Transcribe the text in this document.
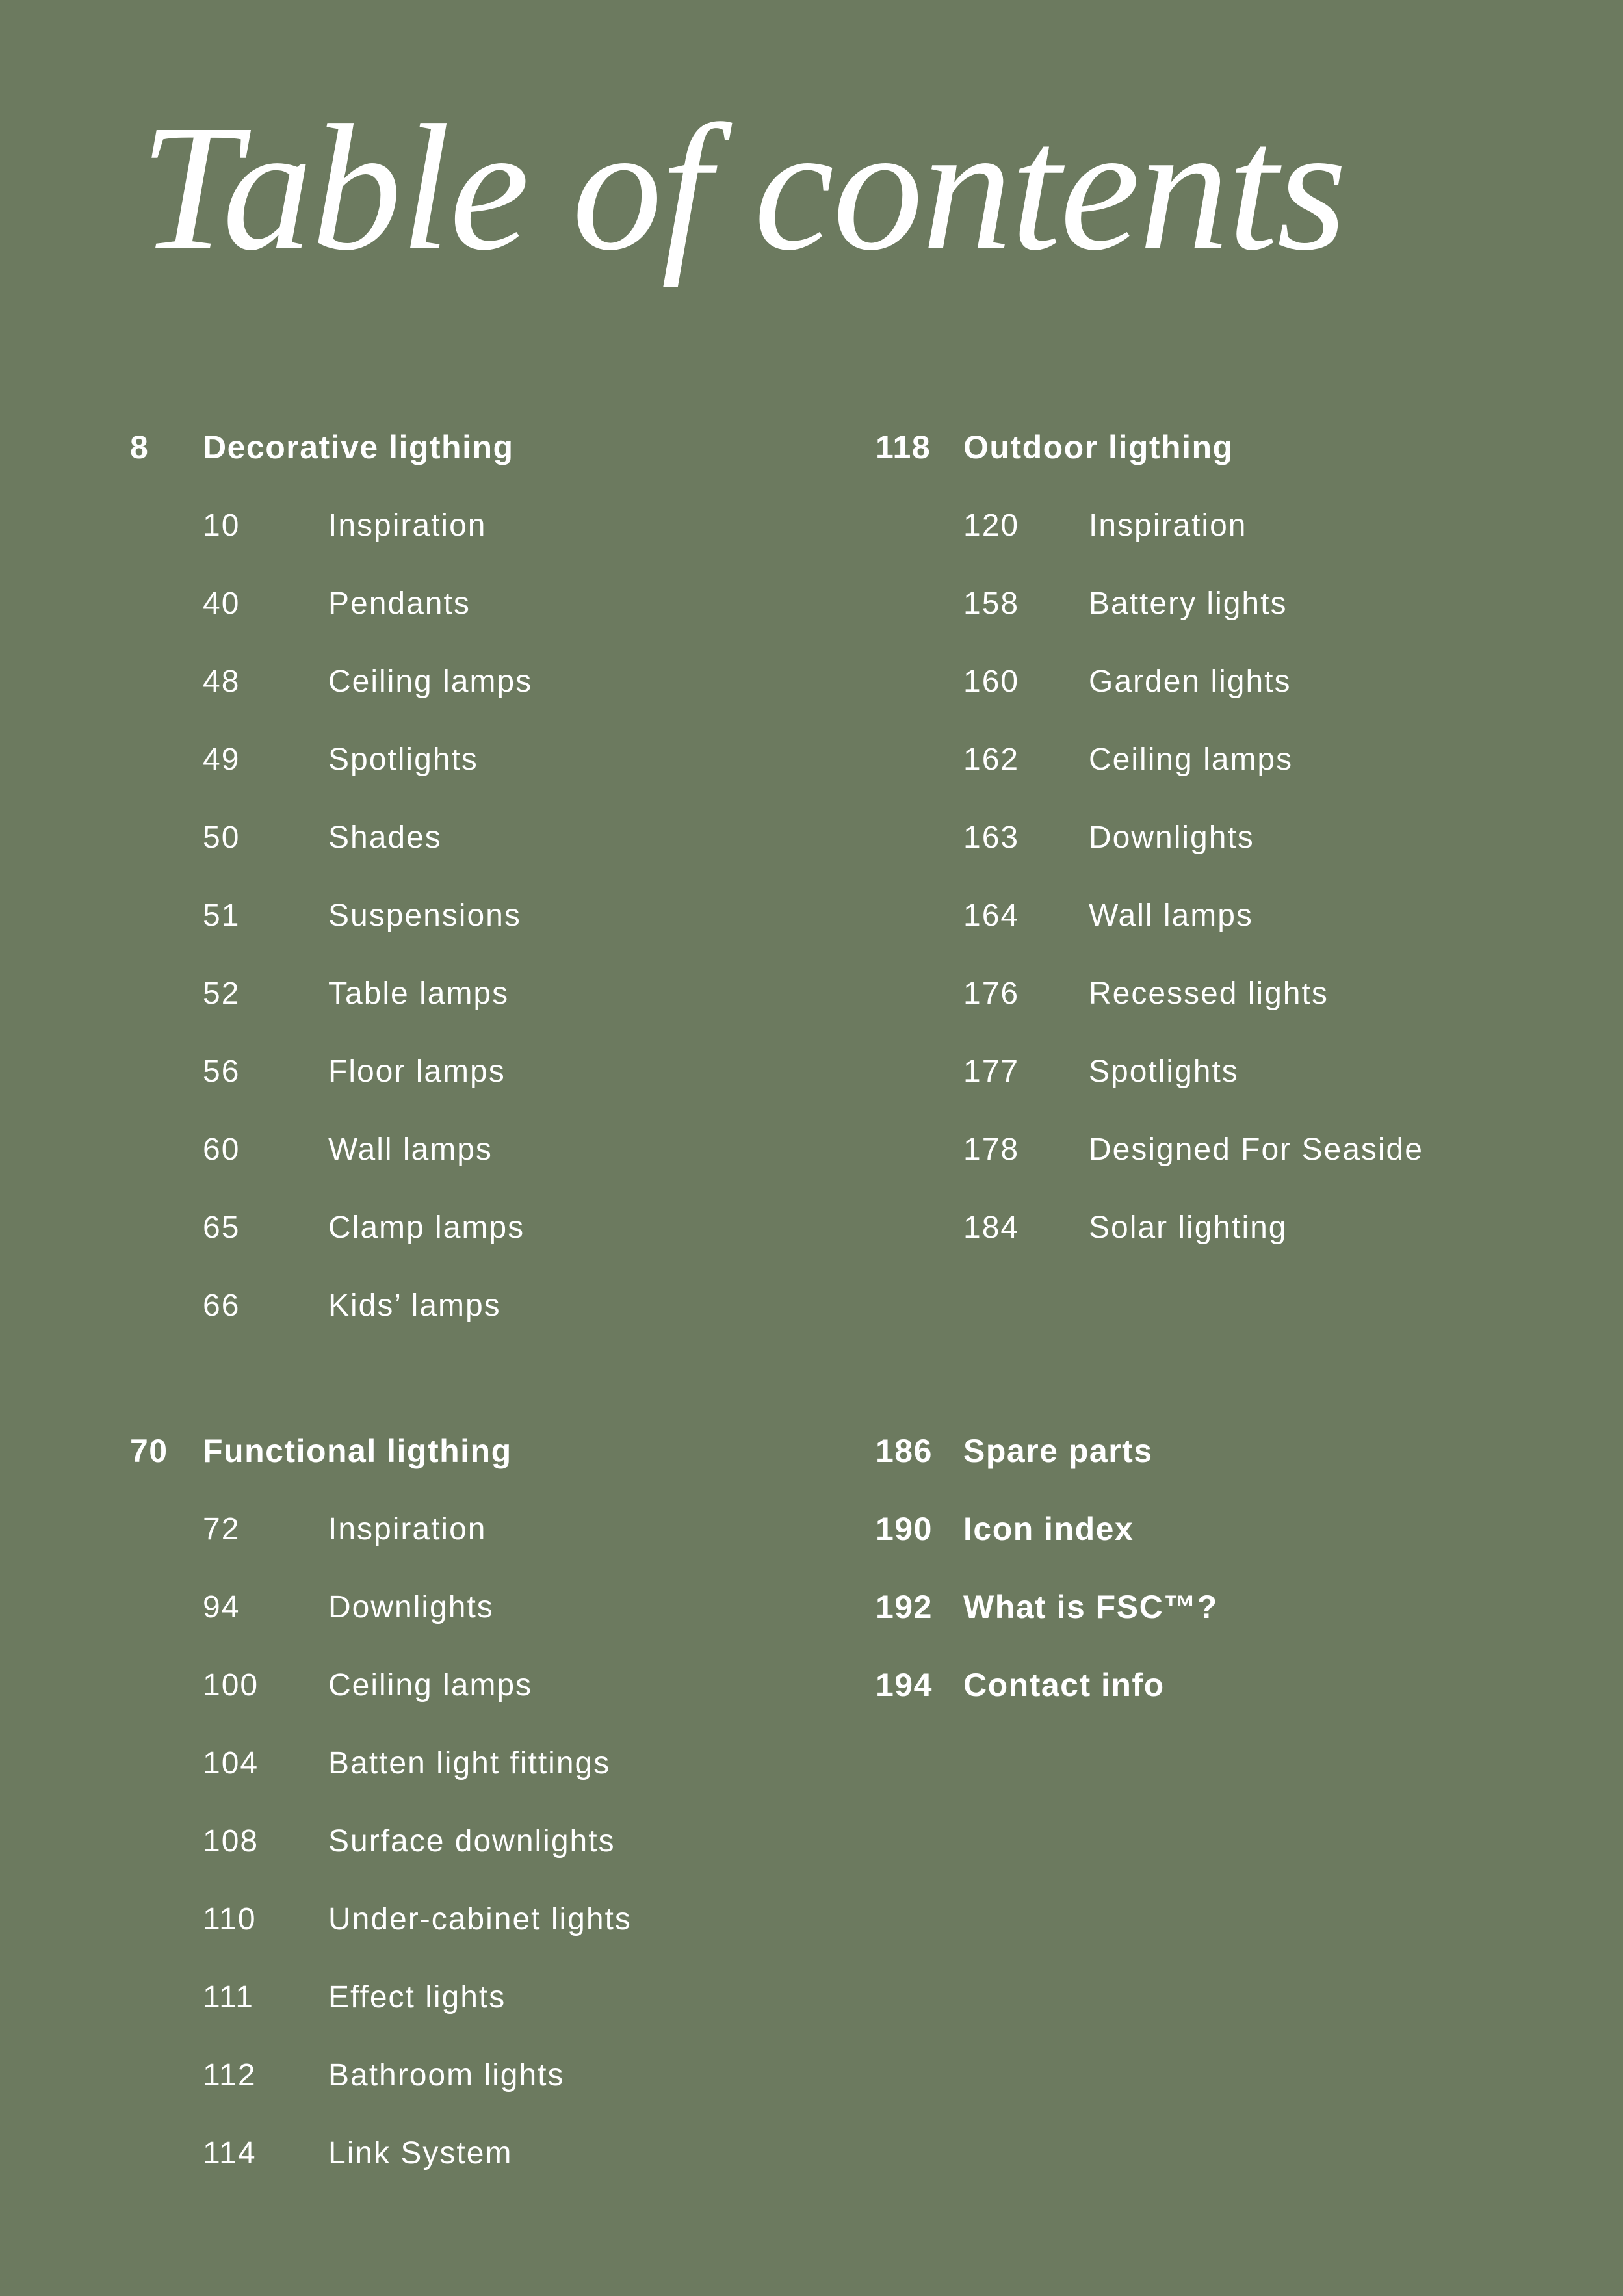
Table of contents
8	Decorative ligthing
10	Inspiration
40	Pendants
48	Ceiling lamps
49	Spotlights
50	Shades
51	Suspensions
52	Table lamps
56	Floor lamps
60	Wall lamps
65	Clamp lamps
66	Kids’ lamps
118 Outdoor ligthing
120	Inspiration
158	Battery lights
160	Garden lights
162	Ceiling lamps
163	Downlights
164	Wall lamps
176	Recessed lights
177	Spotlights
178	Designed For Seaside
184	Solar lighting
70	Functional ligthing
72	Inspiration
94	Downlights
100	Ceiling lamps
104	Batten light fittings
108	Surface downlights
110	Under-cabinet lights
111	Effect lights
112	Bathroom lights
114	Link System
186 Spare parts
190 Icon index
192 What is FSC™?
194 Contact info
